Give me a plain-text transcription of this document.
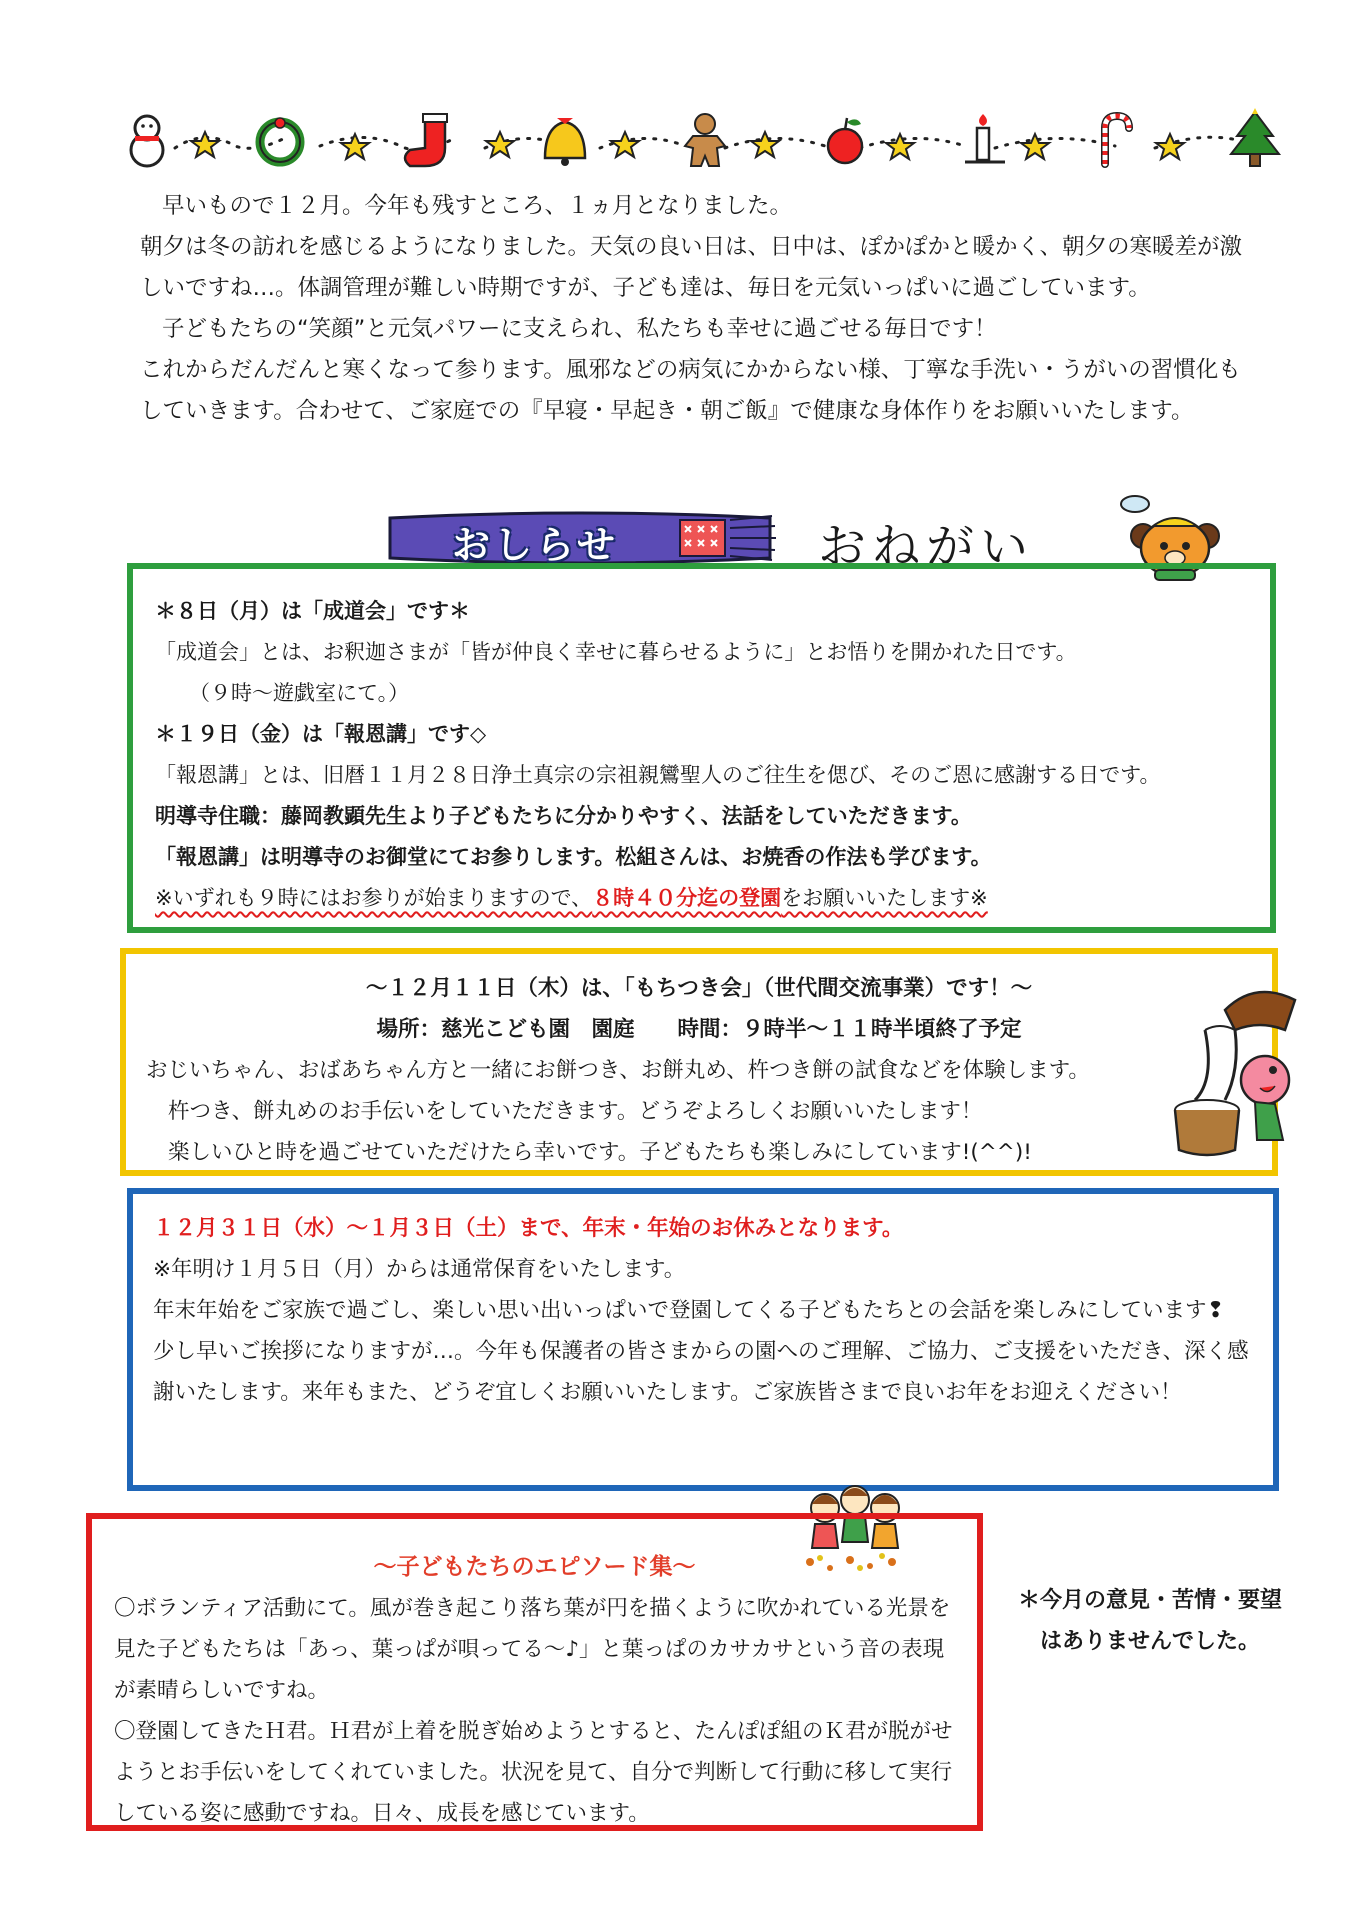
早いもので１２月。今年も残すところ、１ヵ月となりました。

朝夕は冬の訪れを感じるようになりました。天気の良い日は、日中は、ぽかぽかと暖かく、朝夕の寒暖差が激しいですね…。体調管理が難しい時期ですが、子ども達は、毎日を元気いっぱいに過ごしています。

子どもたちの“笑顔”と元気パワーに支えられ、私たちも幸せに過ごせる毎日です！

これからだんだんと寒くなって参ります。風邪などの病気にかからない様、丁寧な手洗い・うがいの習慣化もしていきます。合わせて、ご家庭での『早寝・早起き・朝ご飯』で健康な身体作りをお願いいたします。

おしらせ	おねがい

＊８日（月）は「成道会」です＊

「成道会」とは、お釈迦さまが「皆が仲良く幸せに暮らせるように」とお悟りを開かれた日です。

（９時～遊戯室にて。）

＊１９日（金）は「報恩講」です◇

「報恩講」とは、旧暦１１月２８日浄土真宗の宗祖親鸞聖人のご往生を偲び、そのご恩に感謝する日です。

明導寺住職：藤岡教顕先生より子どもたちに分かりやすく、法話をしていただきます。

「報恩講」は明導寺のお御堂にてお参りします。松組さんは、お焼香の作法も学びます。

※いずれも９時にはお参りが始まりますので、８時４０分迄の登園をお願いいたします※

～１２月１１日（木）は、「もちつき会」（世代間交流事業）です！～

場所：慈光こども園　園庭　　時間：９時半～１１時半頃終了予定

おじいちゃん、おばあちゃん方と一緒にお餅つき、お餅丸め、杵つき餅の試食などを体験します。

杵つき、餅丸めのお手伝いをしていただきます。どうぞよろしくお願いいたします！

楽しいひと時を過ごせていただけたら幸いです。子どもたちも楽しみにしています!(^^)!

１２月３１日（水）～１月３日（土）まで、年末・年始のお休みとなります。

※年明け１月５日（月）からは通常保育をいたします。

年末年始をご家族で過ごし、楽しい思い出いっぱいで登園してくる子どもたちとの会話を楽しみにしています❢

少し早いご挨拶になりますが…。今年も保護者の皆さまからの園へのご理解、ご協力、ご支援をいただき、深く感謝いたします。来年もまた、どうぞ宜しくお願いいたします。ご家族皆さまで良いお年をお迎えください！

～子どもたちのエピソード集～

〇ボランティア活動にて。風が巻き起こり落ち葉が円を描くように吹かれている光景を見た子どもたちは「あっ、葉っぱが唄ってる～♪」と葉っぱのカサカサという音の表現が素晴らしいですね。

〇登園してきたＨ君。Ｈ君が上着を脱ぎ始めようとすると、たんぽぽ組のＫ君が脱がせようとお手伝いをしてくれていました。状況を見て、自分で判断して行動に移して実行している姿に感動ですね。日々、成長を感じています。

＊今月の意見・苦情・要望
はありませんでした。
